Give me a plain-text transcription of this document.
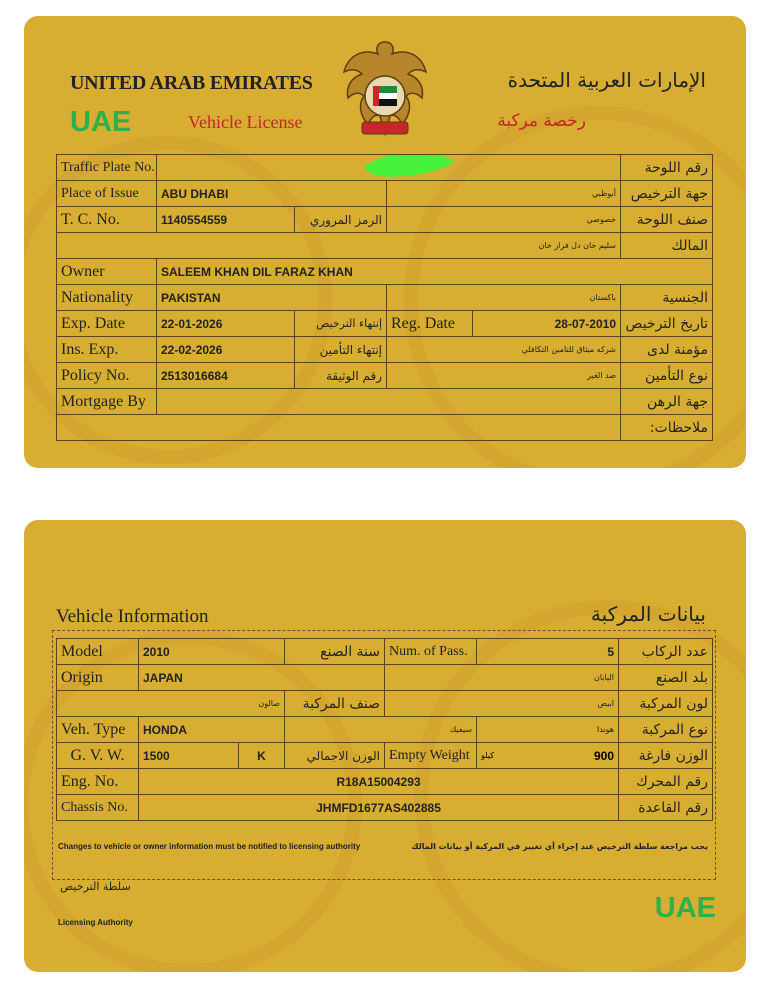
UNITED ARAB EMIRATES	الإمارات العربية المتحدة
UAE	Vehicle License	رخصة مركبة
Traffic Plate No.					رقم اللوحة
Place of Issue	ABU DHABI		أبوظبي		جهة الترخيص
T. C. No.	1140554559	الرمز المروري	خصوصي		صنف اللوحة
سليم خان دل فراز خان					المالك
Owner	SALEEM KHAN DIL FARAZ KHAN				
Nationality	PAKISTAN		باكستان		الجنسية
Exp. Date	22-01-2026	إنتهاء الترخيص	Reg. Date	28-07-2010	تاريخ الترخيص
Ins. Exp.	22-02-2026	إنتهاء التأمين	شركه ميثاق للتامين التكافلي		مؤمنة لدى
Policy No.	2513016684	رقم الوثيقة	ضد الغير		نوع التأمين
Mortgage By					جهة الرهن
					ملاحظات:
Vehicle Information	بيانات المركبة
Model	2010		سنة الصنع	Num. of Pass.	5	عدد الركاب
Origin	JAPAN			اليابان		بلد الصنع
صالون			صنف المركبة	ابيض		لون المركبة
Veh. Type	HONDA		سيفيك		هوندا	نوع المركبة
G. V. W.	1500	K	الوزن الاجمالي	Empty Weight	كيلو 900	الوزن فارغة
Eng. No.	R18A15004293					رقم المحرك
Chassis No.	JHMFD1677AS402885					رقم القاعدة
Changes to vehicle or owner information must be notified to licensing authority	يجب مراجعة سلطة الترخيص عند إجراء أي تغيير في المركبة أو بيانات المالك
سلطة الترخيص
Licensing Authority	UAE
